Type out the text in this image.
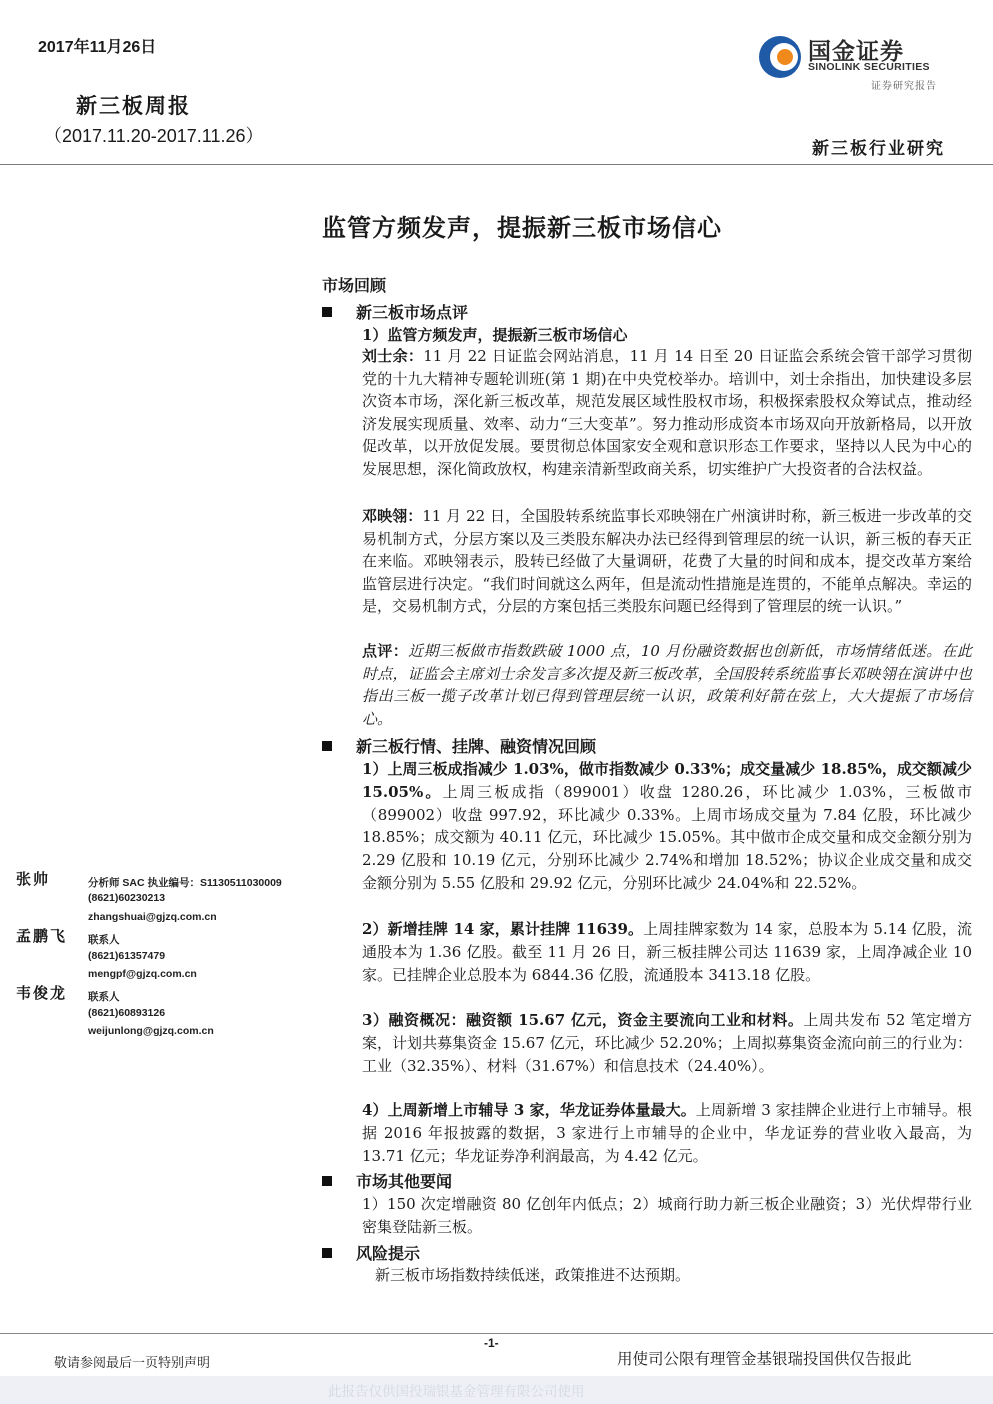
2017年11月26日
新三板周报
（2017.11.20-2017.11.26）
国金证券
SINOLINK SECURITIES
证券研究报告
新三板行业研究
监管方频发声，提振新三板市场信心
市场回顾
新三板市场点评
1）监管方频发声，提振新三板市场信心
刘士余：11 月 22 日证监会网站消息，11 月 14 日至 20 日证监会系统会管干部学习贯彻党的十九大精神专题轮训班(第 1 期)在中央党校举办。培训中，刘士余指出，加快建设多层次资本市场，深化新三板改革，规范发展区域性股权市场，积极探索股权众筹试点，推动经济发展实现质量、效率、动力“三大变革”。努力推动形成资本市场双向开放新格局，以开放促改革，以开放促发展。要贯彻总体国家安全观和意识形态工作要求，坚持以人民为中心的发展思想，深化简政放权，构建亲清新型政商关系，切实维护广大投资者的合法权益。
邓映翎：11 月 22 日，全国股转系统监事长邓映翎在广州演讲时称，新三板进一步改革的交易机制方式，分层方案以及三类股东解决办法已经得到管理层的统一认识，新三板的春天正在来临。邓映翎表示，股转已经做了大量调研，花费了大量的时间和成本，提交改革方案给监管层进行决定。“我们时间就这么两年，但是流动性措施是连贯的，不能单点解决。幸运的是，交易机制方式，分层的方案包括三类股东问题已经得到了管理层的统一认识。”
点评：近期三板做市指数跌破 1000 点，10 月份融资数据也创新低，市场情绪低迷。在此时点，证监会主席刘士余发言多次提及新三板改革，全国股转系统监事长邓映翎在演讲中也指出三板一揽子改革计划已得到管理层统一认识，政策利好箭在弦上，大大提振了市场信心。
新三板行情、挂牌、融资情况回顾
1）上周三板成指减少 1.03%，做市指数减少 0.33%；成交量减少 18.85%，成交额减少 15.05%。上周三板成指（899001）收盘 1280.26，环比减少 1.03%，三板做市（899002）收盘 997.92，环比减少 0.33%。上周市场成交量为 7.84 亿股，环比减少 18.85%；成交额为 40.11 亿元，环比减少 15.05%。其中做市企成交量和成交金额分别为 2.29 亿股和 10.19 亿元，分别环比减少 2.74%和增加 18.52%；协议企业成交量和成交金额分别为 5.55 亿股和 29.92 亿元，分别环比减少 24.04%和 22.52%。
2）新增挂牌 14 家，累计挂牌 11639。上周挂牌家数为 14 家，总股本为 5.14 亿股，流通股本为 1.36 亿股。截至 11 月 26 日，新三板挂牌公司达 11639 家，上周净减企业 10 家。已挂牌企业总股本为 6844.36 亿股，流通股本 3413.18 亿股。
3）融资概况：融资额 15.67 亿元，资金主要流向工业和材料。上周共发布 52 笔定增方案，计划共募集资金 15.67 亿元，环比减少 52.20%；上周拟募集资金流向前三的行业为：工业（32.35%）、材料（31.67%）和信息技术（24.40%）。
4）上周新增上市辅导 3 家，华龙证券体量最大。上周新增 3 家挂牌企业进行上市辅导。根据 2016 年报披露的数据，3 家进行上市辅导的企业中，华龙证券的营业收入最高，为 13.71 亿元；华龙证券净利润最高，为 4.42 亿元。
市场其他要闻
1）150 次定增融资 80 亿创年内低点；2）城商行助力新三板企业融资；3）光伏焊带行业密集登陆新三板。
风险提示
新三板市场指数持续低迷，政策推进不达预期。
张帅	分析师 SAC 执业编号：S1130511030009
(8621)60230213
zhangshuai@gjzq.com.cn
孟鹏飞 联系人
(8621)61357479
mengpf@gjzq.com.cn
韦俊龙 联系人
(8621)60893126
weijunlong@gjzq.com.cn
-1-
敬请参阅最后一页特别声明	用使司公限有理管金基银瑞投国供仅告报此
此报告仅供国投瑞银基金管理有限公司使用
